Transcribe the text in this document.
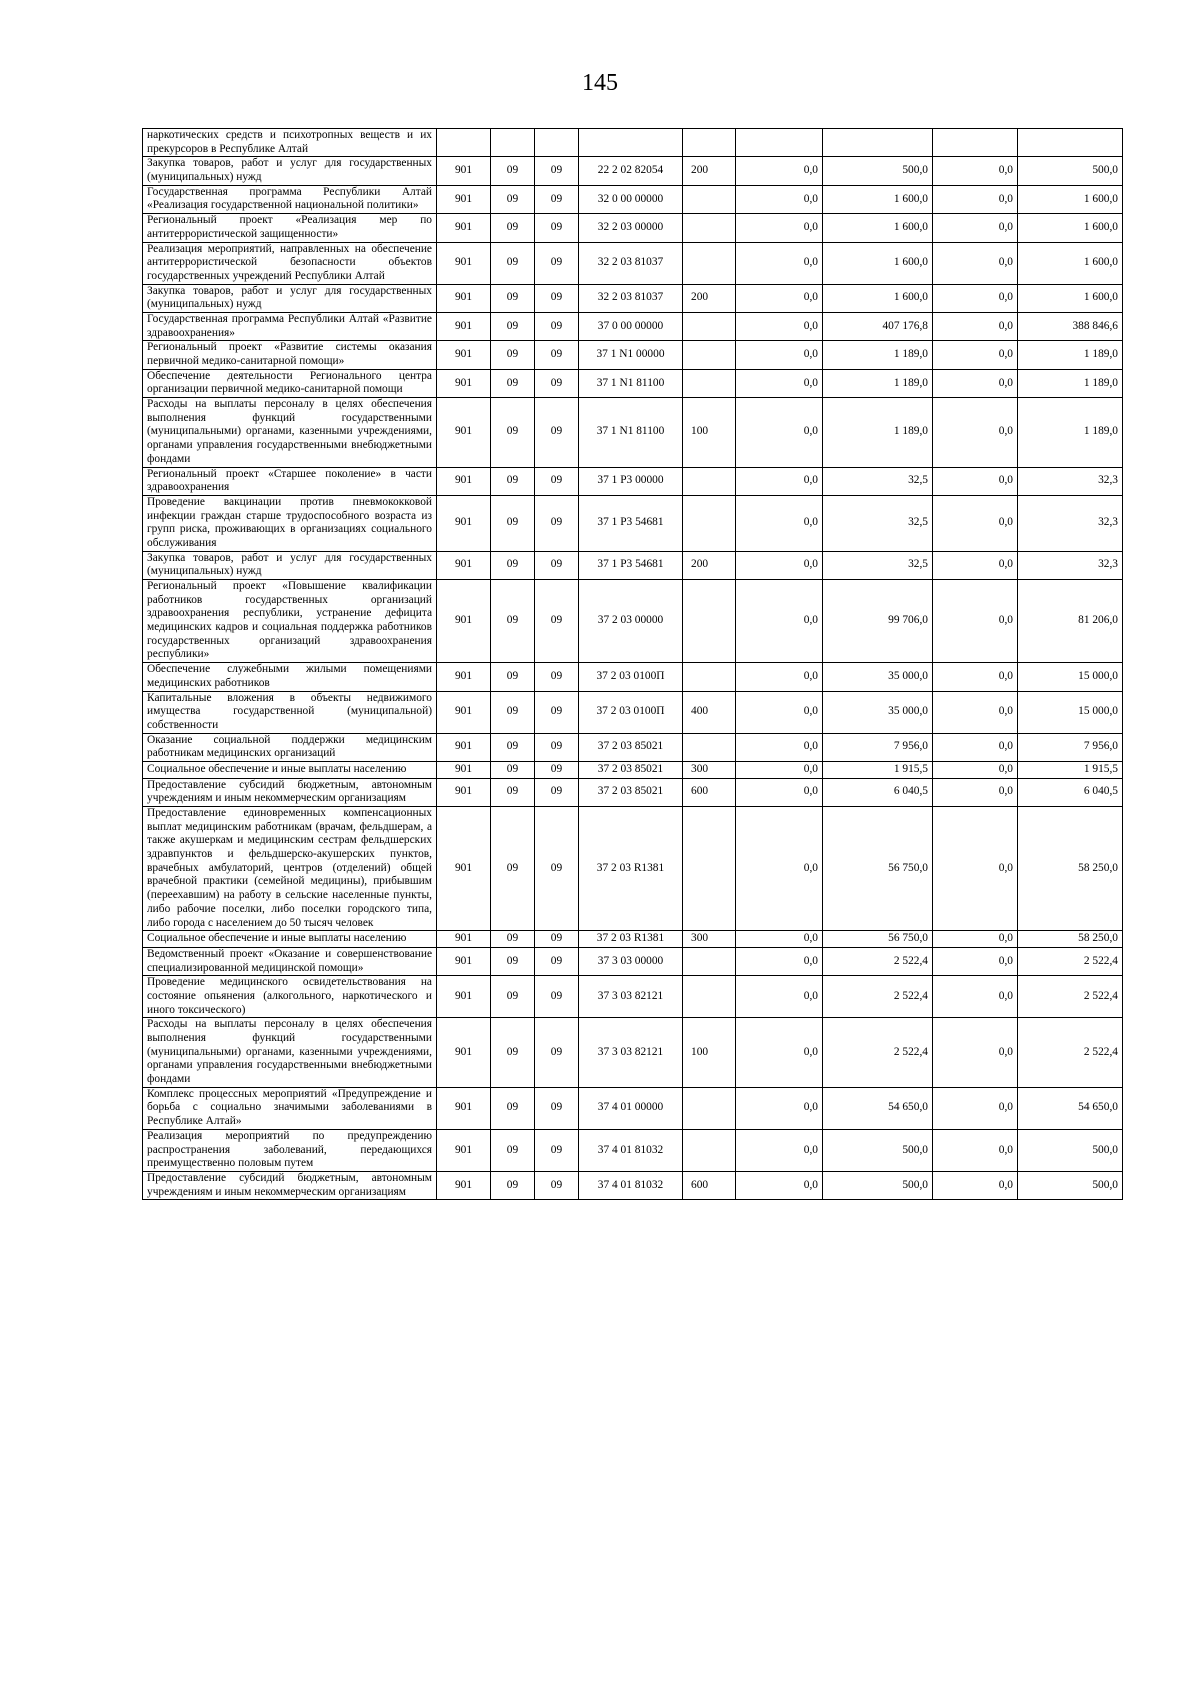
145
наркотических средств и психотропных веществ и их прекурсоров в Республике Алтай									
Закупка товаров, работ и услуг для государственных (муниципальных) нужд	901	09	09	22 2 02 82054	200	0,0	500,0	0,0	500,0
Государственная программа Республики Алтай «Реализация государственной национальной политики»	901	09	09	32 0 00 00000		0,0	1 600,0	0,0	1 600,0
Региональный проект «Реализация мер по антитеррористической защищенности»	901	09	09	32 2 03 00000		0,0	1 600,0	0,0	1 600,0
Реализация мероприятий, направленных на обеспечение антитеррористической безопасности объектов государственных учреждений Республики Алтай	901	09	09	32 2 03 81037		0,0	1 600,0	0,0	1 600,0
Закупка товаров, работ и услуг для государственных (муниципальных) нужд	901	09	09	32 2 03 81037	200	0,0	1 600,0	0,0	1 600,0
Государственная программа Республики Алтай «Развитие здравоохранения»	901	09	09	37 0 00 00000		0,0	407 176,8	0,0	388 846,6
Региональный проект «Развитие системы оказания первичной медико-санитарной помощи»	901	09	09	37 1 N1 00000		0,0	1 189,0	0,0	1 189,0
Обеспечение деятельности Регионального центра организации первичной медико-санитарной помощи	901	09	09	37 1 N1 81100		0,0	1 189,0	0,0	1 189,0
Расходы на выплаты персоналу в целях обеспечения выполнения функций государственными (муниципальными) органами, казенными учреждениями, органами управления государственными внебюджетными фондами	901	09	09	37 1 N1 81100	100	0,0	1 189,0	0,0	1 189,0
Региональный проект «Старшее поколение» в части здравоохранения	901	09	09	37 1 P3 00000		0,0	32,5	0,0	32,3
Проведение вакцинации против пневмококковой инфекции граждан старше трудоспособного возраста из групп риска, проживающих в организациях социального обслуживания	901	09	09	37 1 P3 54681		0,0	32,5	0,0	32,3
Закупка товаров, работ и услуг для государственных (муниципальных) нужд	901	09	09	37 1 P3 54681	200	0,0	32,5	0,0	32,3
Региональный проект «Повышение квалификации работников государственных организаций здравоохранения республики, устранение дефицита медицинских кадров и социальная поддержка работников государственных организаций здравоохранения республики»	901	09	09	37 2 03 00000		0,0	99 706,0	0,0	81 206,0
Обеспечение служебными жилыми помещениями медицинских работников	901	09	09	37 2 03 0100П		0,0	35 000,0	0,0	15 000,0
Капитальные вложения в объекты недвижимого имущества государственной (муниципальной) собственности	901	09	09	37 2 03 0100П	400	0,0	35 000,0	0,0	15 000,0
Оказание социальной поддержки медицинским работникам медицинских организаций	901	09	09	37 2 03 85021		0,0	7 956,0	0,0	7 956,0
Социальное обеспечение и иные выплаты населению	901	09	09	37 2 03 85021	300	0,0	1 915,5	0,0	1 915,5
Предоставление субсидий бюджетным, автономным учреждениям и иным некоммерческим организациям	901	09	09	37 2 03 85021	600	0,0	6 040,5	0,0	6 040,5
Предоставление единовременных компенсационных выплат медицинским работникам (врачам, фельдшерам, а также акушеркам и медицинским сестрам фельдшерских здравпунктов и фельдшерско-акушерских пунктов, врачебных амбулаторий, центров (отделений) общей врачебной практики (семейной медицины), прибывшим (переехавшим) на работу в сельские населенные пункты, либо рабочие поселки, либо поселки городского типа, либо города с населением до 50 тысяч человек	901	09	09	37 2 03 R1381		0,0	56 750,0	0,0	58 250,0
Социальное обеспечение и иные выплаты населению	901	09	09	37 2 03 R1381	300	0,0	56 750,0	0,0	58 250,0
Ведомственный проект «Оказание и совершенствование специализированной медицинской помощи»	901	09	09	37 3 03 00000		0,0	2 522,4	0,0	2 522,4
Проведение медицинского освидетельствования на состояние опьянения (алкогольного, наркотического и иного токсического)	901	09	09	37 3 03 82121		0,0	2 522,4	0,0	2 522,4
Расходы на выплаты персоналу в целях обеспечения выполнения функций государственными (муниципальными) органами, казенными учреждениями, органами управления государственными внебюджетными фондами	901	09	09	37 3 03 82121	100	0,0	2 522,4	0,0	2 522,4
Комплекс процессных мероприятий «Предупреждение и борьба с социально значимыми заболеваниями в Республике Алтай»	901	09	09	37 4 01 00000		0,0	54 650,0	0,0	54 650,0
Реализация мероприятий по предупреждению распространения заболеваний, передающихся преимущественно половым путем	901	09	09	37 4 01 81032		0,0	500,0	0,0	500,0
Предоставление субсидий бюджетным, автономным учреждениям и иным некоммерческим организациям	901	09	09	37 4 01 81032	600	0,0	500,0	0,0	500,0
